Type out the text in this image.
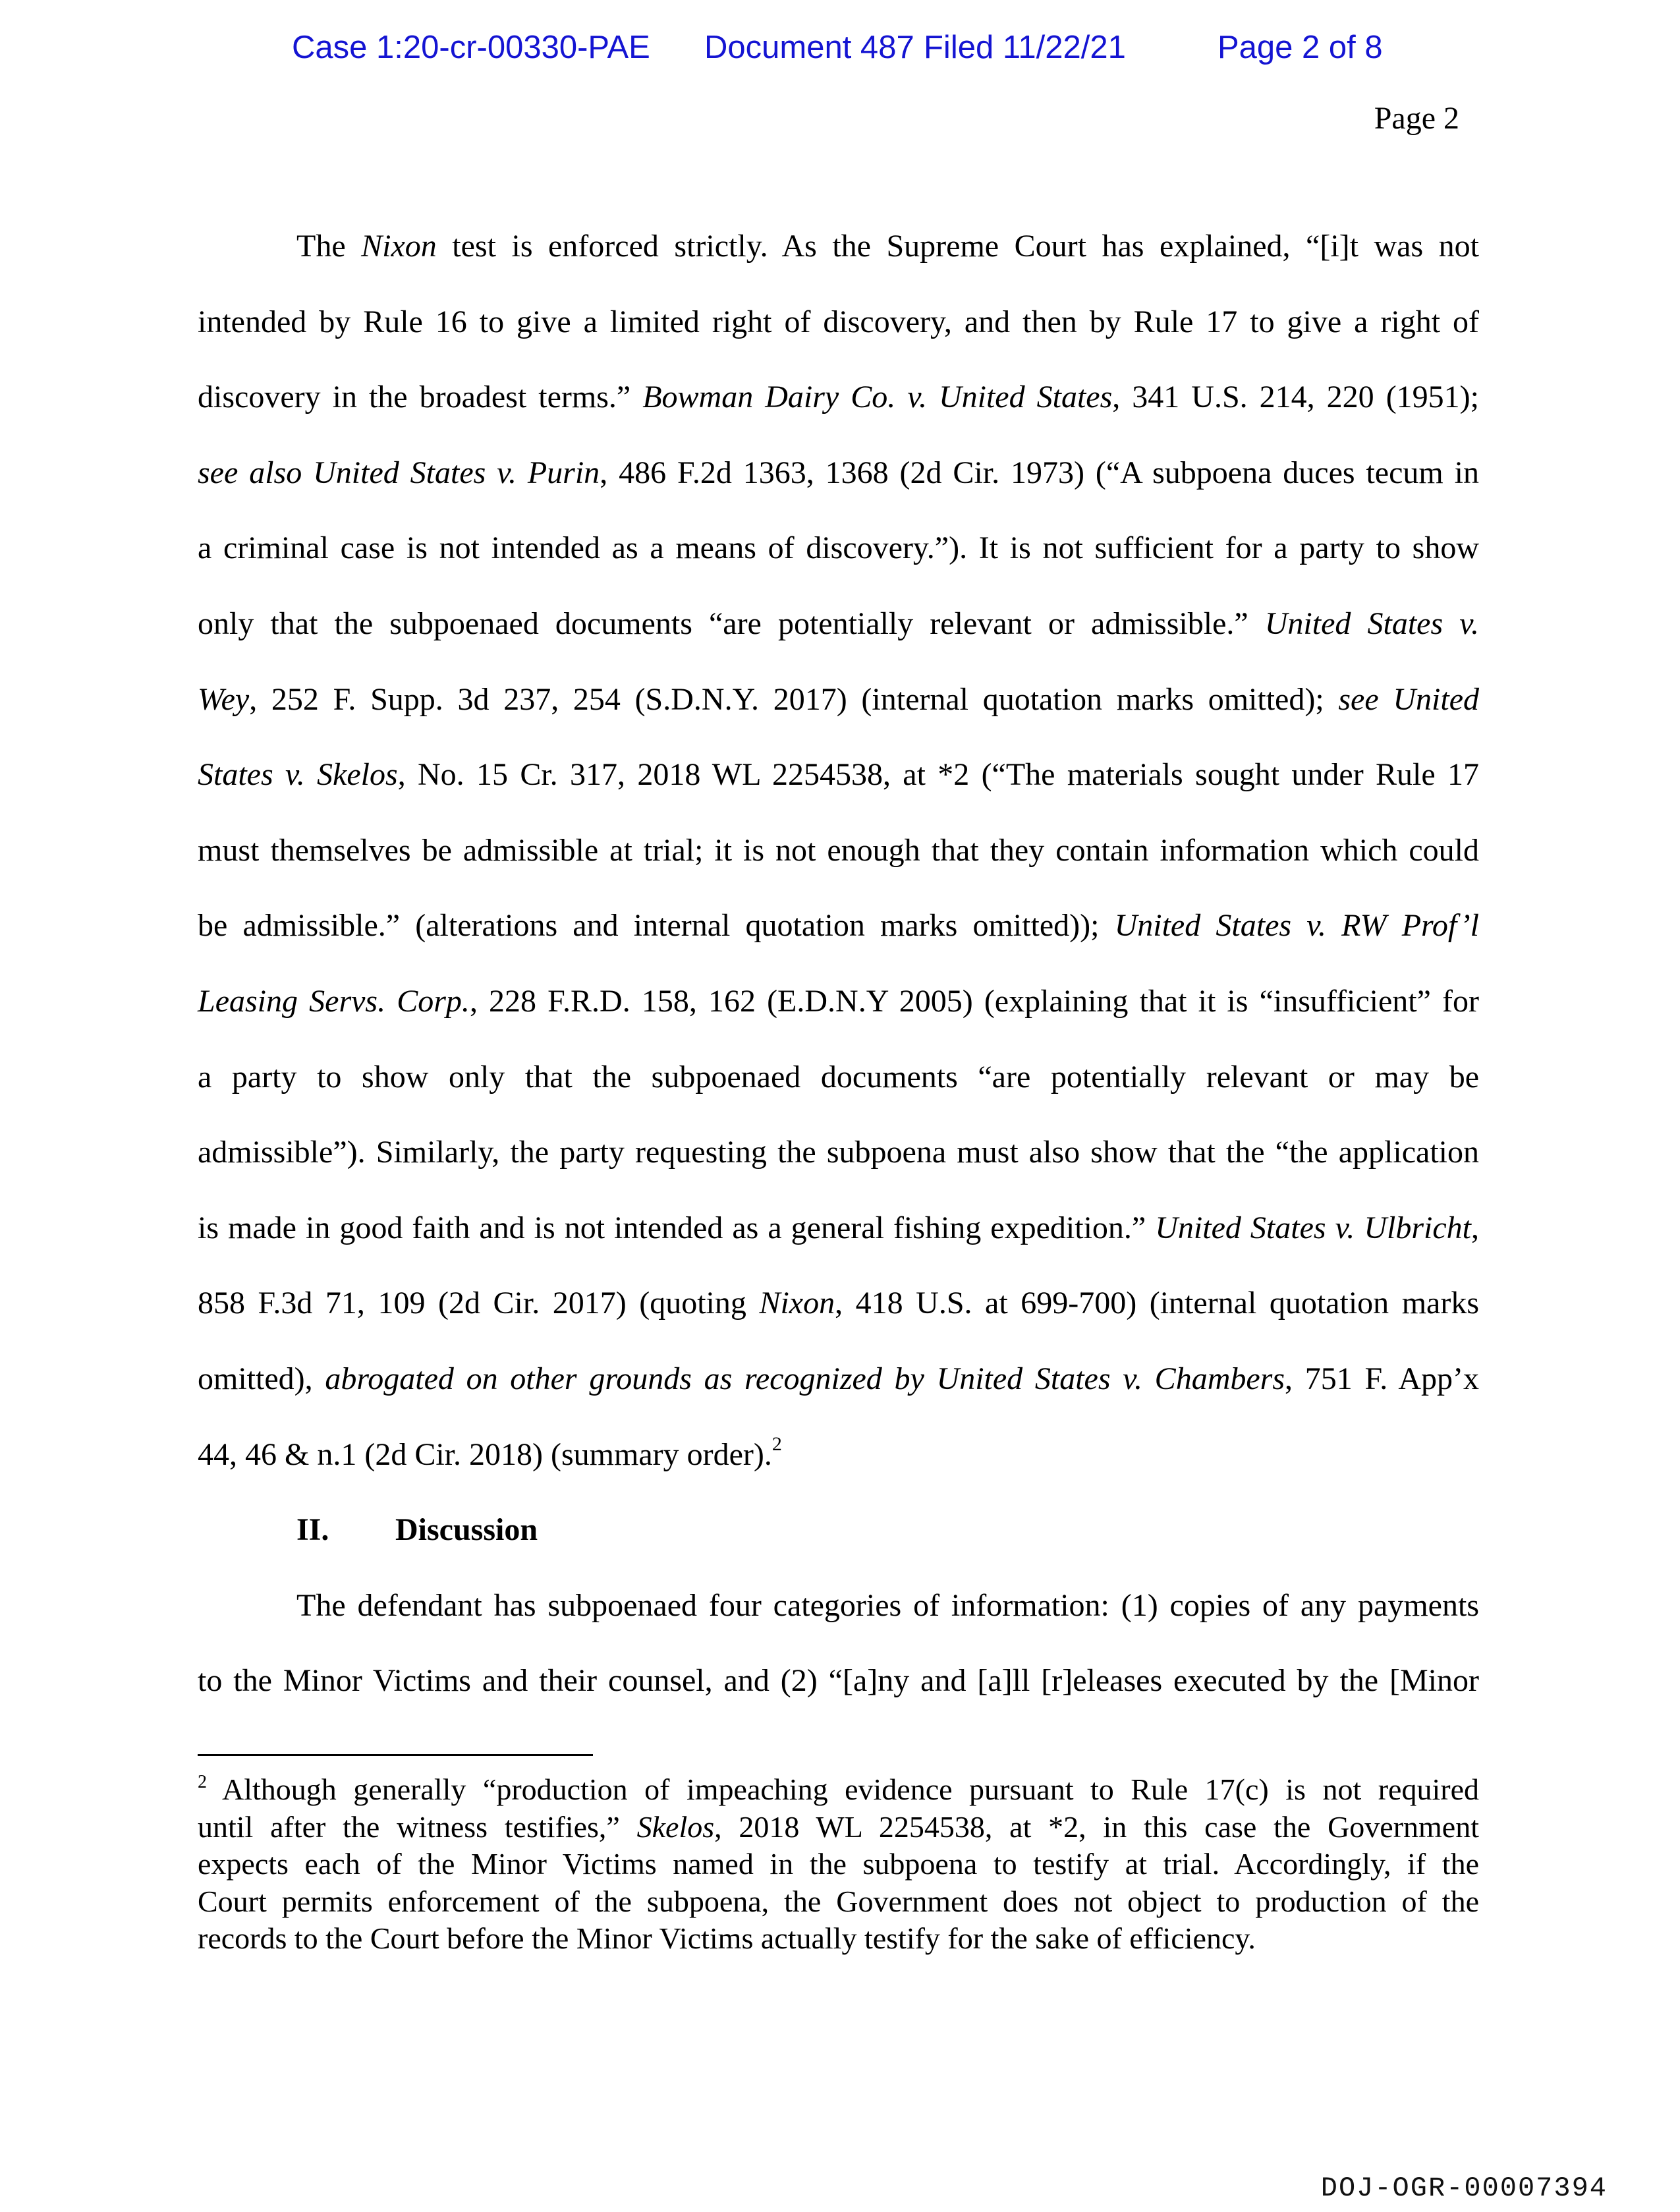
Case 1:20-cr-00330-PAE Document 487 Filed 11/22/21	Page 2 of 8
Page 2
The Nixon test is enforced strictly. As the Supreme Court has explained, “[i]t was not
intended by Rule 16 to give a limited right of discovery, and then by Rule 17 to give a right of
discovery in the broadest terms.” Bowman Dairy Co. v. United States, 341 U.S. 214, 220 (1951);
see also United States v. Purin, 486 F.2d 1363, 1368 (2d Cir. 1973) (“A subpoena duces tecum in
a criminal case is not intended as a means of discovery.”). It is not sufficient for a party to show
only that the subpoenaed documents “are potentially relevant or admissible.” United States v.
Wey, 252 F. Supp. 3d 237, 254 (S.D.N.Y. 2017) (internal quotation marks omitted); see United
States v. Skelos, No. 15 Cr. 317, 2018 WL 2254538, at *2 (“The materials sought under Rule 17
must themselves be admissible at trial; it is not enough that they contain information which could
be admissible.” (alterations and internal quotation marks omitted)); United States v. RW Prof’l
Leasing Servs. Corp., 228 F.R.D. 158, 162 (E.D.N.Y 2005) (explaining that it is “insufficient” for
a party to show only that the subpoenaed documents “are potentially relevant or may be
admissible”). Similarly, the party requesting the subpoena must also show that the “the application
is made in good faith and is not intended as a general fishing expedition.” United States v. Ulbricht,
858 F.3d 71, 109 (2d Cir. 2017) (quoting Nixon, 418 U.S. at 699-700) (internal quotation marks
omitted), abrogated on other grounds as recognized by United States v. Chambers, 751 F. App’x
44, 46 & n.1 (2d Cir. 2018) (summary order).$^2$
II. Discussion
The defendant has subpoenaed four categories of information: (1) copies of any payments
to the Minor Victims and their counsel, and (2) “[a]ny and [a]ll [r]eleases executed by the [Minor
$^2$ Although generally “production of impeaching evidence pursuant to Rule 17(c) is not required
until after the witness testifies,” Skelos, 2018 WL 2254538, at *2, in this case the Government
expects each of the Minor Victims named in the subpoena to testify at trial. Accordingly, if the
Court permits enforcement of the subpoena, the Government does not object to production of the
records to the Court before the Minor Victims actually testify for the sake of efficiency.
DOJ-OGR-00007394
